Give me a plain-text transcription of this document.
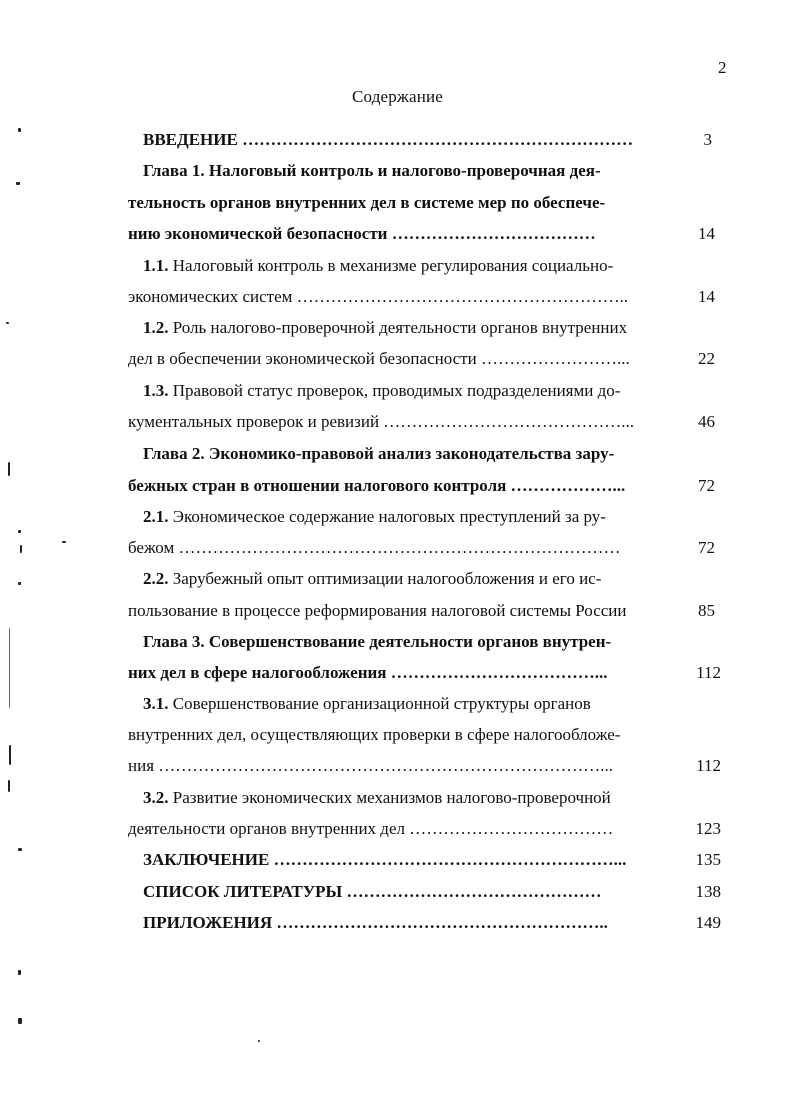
2
Содержание
ВВЕДЕНИЕ ……………………………………………………………	3
Глава 1. Налоговый контроль и налогово-проверочная дея-
тельность органов внутренних дел в системе мер по обеспече-
нию экономической безопасности ………………………………	14
1.1. Налоговый контроль в механизме регулирования социально-
экономических систем …………………………………………………..	14
1.2. Роль налогово-проверочной деятельности органов внутренних
дел в обеспечении экономической безопасности ……………………...	22
1.3. Правовой статус проверок, проводимых подразделениями до-
кументальных проверок и ревизий ……………………………………...	46
Глава 2. Экономико-правовой анализ законодательства зару-
бежных стран в отношении налогового контроля ………………...	72
2.1. Экономическое содержание налоговых преступлений за ру-
бежом ……………………………………………………………………	72
2.2. Зарубежный опыт оптимизации налогообложения и его ис-
пользование в процессе реформирования налоговой системы России	85
Глава 3. Совершенствование деятельности органов внутрен-
них дел в сфере налогообложения ………………………………...	112
3.1. Совершенствование организационной структуры органов
внутренних дел, осуществляющих проверки в сфере налогообложе-
ния ……………………………………………………………………...	112
3.2. Развитие экономических механизмов налогово-проверочной
деятельности органов внутренних дел ………………………………	123
ЗАКЛЮЧЕНИЕ ……………………………………………………...	135
СПИСОК ЛИТЕРАТУРЫ ………………………………………	138
ПРИЛОЖЕНИЯ …………………………………………………..	149
